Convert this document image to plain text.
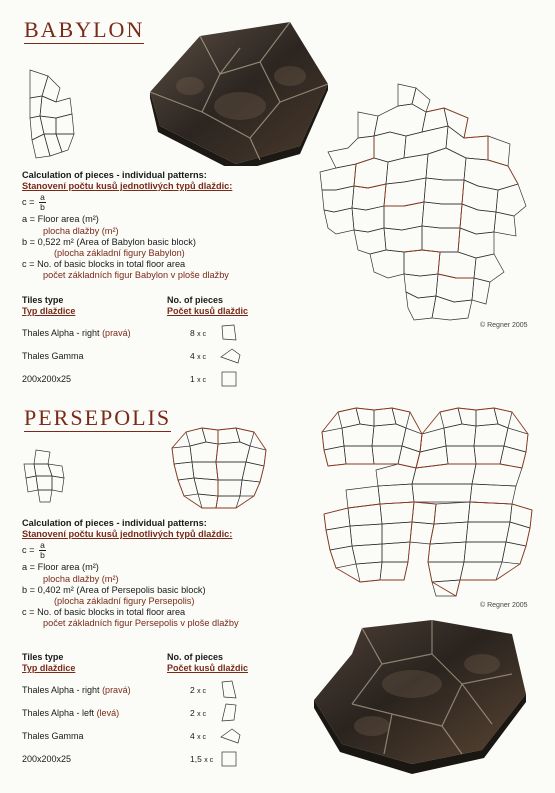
BABYLON
Calculation of pieces - individual patterns:
Stanovení počtu kusů jednotlivých typů dlaždic:
$c = \frac{a}{b}$
a = Floor area (m²)
plocha dlažby (m²)
b = 0,522 m² (Area of Babylon basic block)
(plocha základní figury Babylon)
c = No. of basic blocks in total floor area
počet základních figur Babylon v ploše dlažby
Tiles type
Typ dlaždice
No. of pieces
Počet kusů dlaždic
Thales Alpha - right (pravá)	8 x c
Thales Gamma	4 x c
200x200x25	1 x c
© Regner 2005
PERSEPOLIS
Calculation of pieces - individual patterns:
Stanovení počtu kusů jednotlivých typů dlaždic:
$c = \frac{a}{b}$
a = Floor area (m²)
plocha dlažby (m²)
b = 0,402 m² (Area of Persepolis basic block)
(plocha základní figury Persepolis)
c = No. of basic blocks in total floor area
počet základních figur Persepolis v ploše dlažby
© Regner 2005
Tiles type
Typ dlaždice
No. of pieces
Počet kusů dlaždic
Thales Alpha - right (pravá)	2 x c
Thales Alpha - left (levá)	2 x c
Thales Gamma	4 x c
200x200x25	1,5 x c
